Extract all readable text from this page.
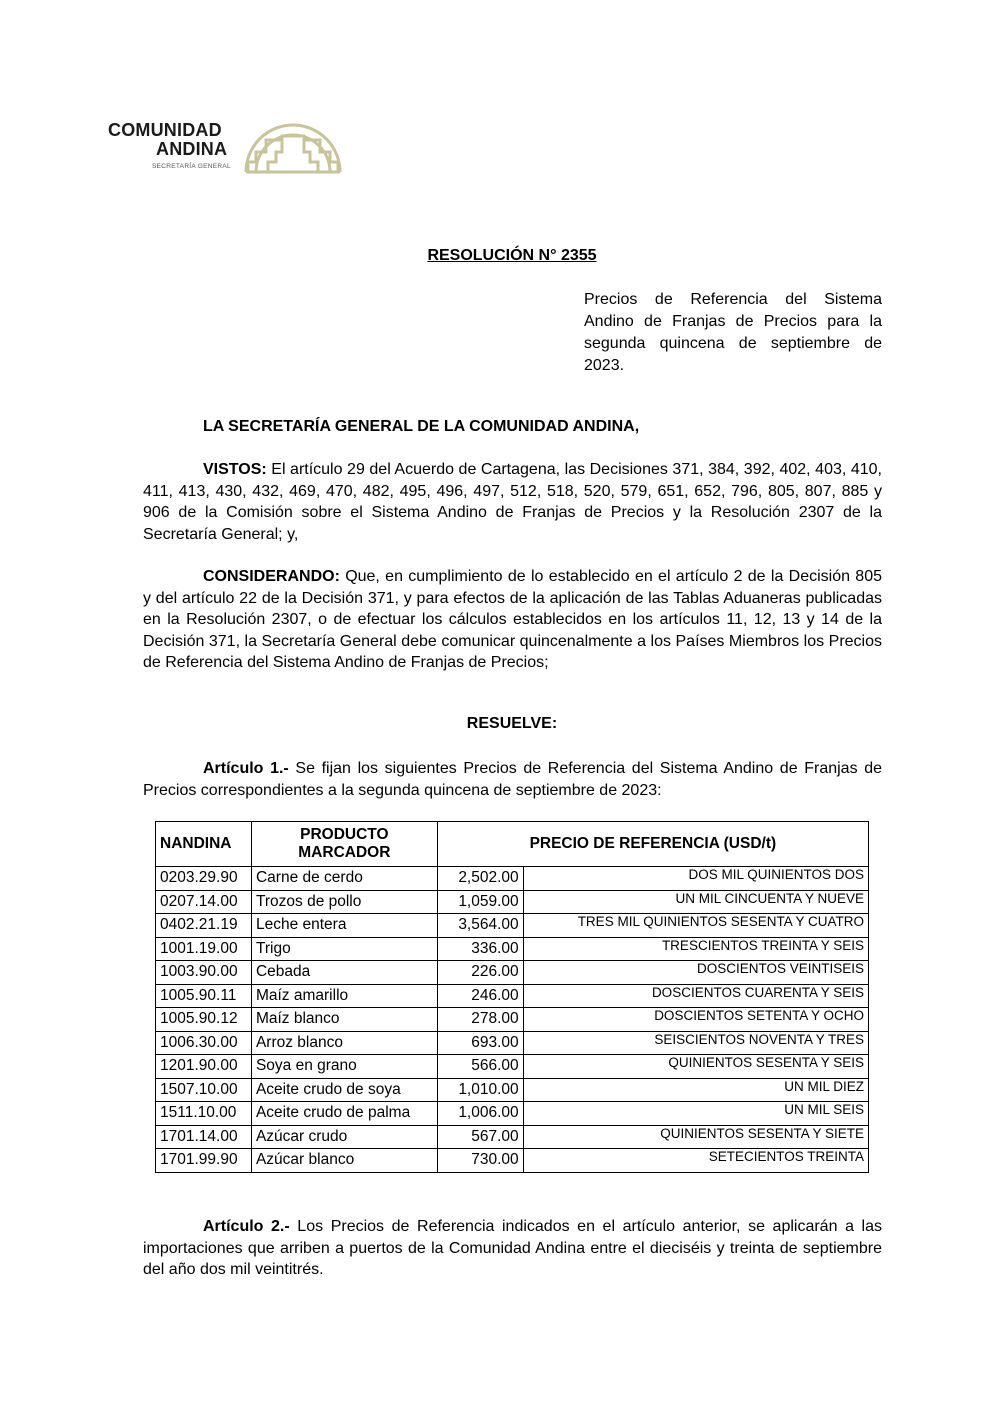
COMUNIDAD
ANDINA
SECRETARÍA GENERAL
RESOLUCIÓN N° 2355
Precios de Referencia del Sistema Andino de Franjas de Precios para la segunda quincena de septiembre de 2023.
LA SECRETARÍA GENERAL DE LA COMUNIDAD ANDINA,
VISTOS: El artículo 29 del Acuerdo de Cartagena, las Decisiones 371, 384, 392, 402, 403, 410, 411, 413, 430, 432, 469, 470, 482, 495, 496, 497, 512, 518, 520, 579, 651, 652, 796, 805, 807, 885 y 906 de la Comisión sobre el Sistema Andino de Franjas de Precios y la Resolución 2307 de la Secretaría General; y,
CONSIDERANDO: Que, en cumplimiento de lo establecido en el artículo 2 de la Decisión 805 y del artículo 22 de la Decisión 371, y para efectos de la aplicación de las Tablas Aduaneras publicadas en la Resolución 2307, o de efectuar los cálculos establecidos en los artículos 11, 12, 13 y 14 de la Decisión 371, la Secretaría General debe comunicar quincenalmente a los Países Miembros los Precios de Referencia del Sistema Andino de Franjas de Precios;
RESUELVE:
Artículo 1.- Se fijan los siguientes Precios de Referencia del Sistema Andino de Franjas de Precios correspondientes a la segunda quincena de septiembre de 2023:
NANDINA	PRODUCTO MARCADOR	PRECIO DE REFERENCIA (USD/t)	
0203.29.90	Carne de cerdo	2,502.00	DOS MIL QUINIENTOS DOS
0207.14.00	Trozos de pollo	1,059.00	UN MIL CINCUENTA Y NUEVE
0402.21.19	Leche entera	3,564.00	TRES MIL QUINIENTOS SESENTA Y CUATRO
1001.19.00	Trigo	336.00	TRESCIENTOS TREINTA Y SEIS
1003.90.00	Cebada	226.00	DOSCIENTOS VEINTISEIS
1005.90.11	Maíz amarillo	246.00	DOSCIENTOS CUARENTA Y SEIS
1005.90.12	Maíz blanco	278.00	DOSCIENTOS SETENTA Y OCHO
1006.30.00	Arroz blanco	693.00	SEISCIENTOS NOVENTA Y TRES
1201.90.00	Soya en grano	566.00	QUINIENTOS SESENTA Y SEIS
1507.10.00	Aceite crudo de soya	1,010.00	UN MIL DIEZ
1511.10.00	Aceite crudo de palma	1,006.00	UN MIL SEIS
1701.14.00	Azúcar crudo	567.00	QUINIENTOS SESENTA Y SIETE
1701.99.90	Azúcar blanco	730.00	SETECIENTOS TREINTA
Artículo 2.- Los Precios de Referencia indicados en el artículo anterior, se aplicarán a las importaciones que arriben a puertos de la Comunidad Andina entre el dieciséis y treinta de septiembre del año dos mil veintitrés.
